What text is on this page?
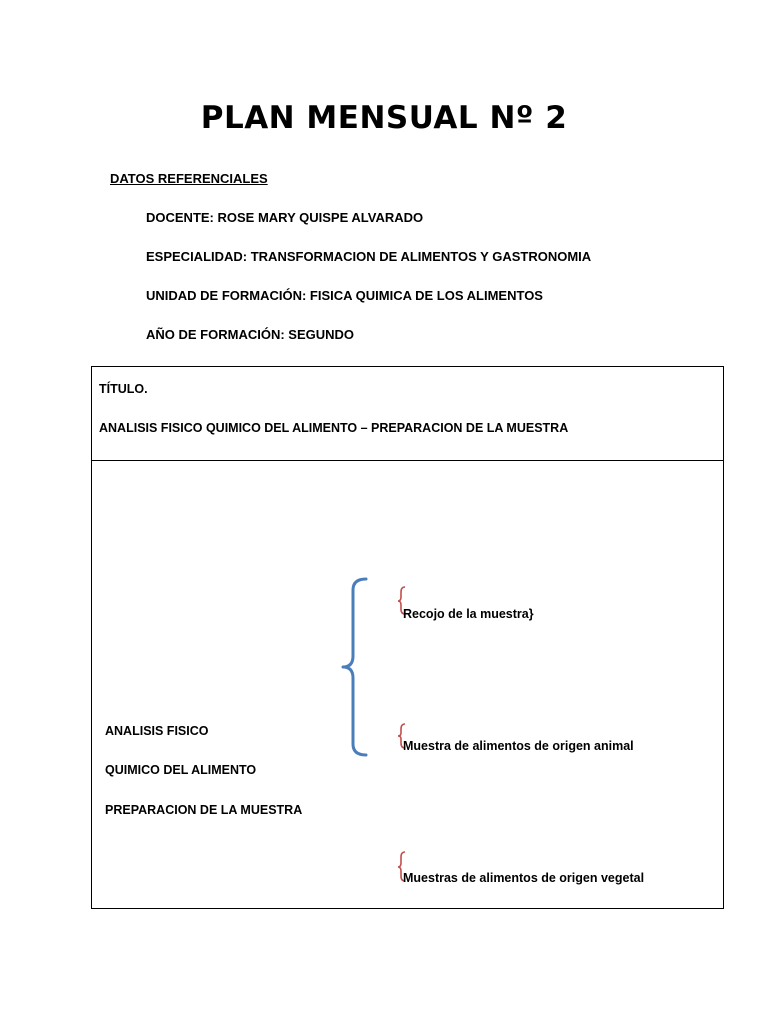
PLAN MENSUAL Nº 2
DATOS REFERENCIALES
DOCENTE: ROSE MARY QUISPE ALVARADO
ESPECIALIDAD: TRANSFORMACION DE ALIMENTOS Y GASTRONOMIA
UNIDAD DE FORMACIÓN: FISICA QUIMICA DE LOS ALIMENTOS
AÑO DE FORMACIÓN: SEGUNDO
TÍTULO.
ANALISIS FISICO QUIMICO DEL ALIMENTO – PREPARACION DE LA MUESTRA
ANALISIS FISICO
QUIMICO DEL ALIMENTO
PREPARACION DE LA MUESTRA
Recojo de la muestra}
Muestra de alimentos de origen animal
Muestras de alimentos de origen vegetal
